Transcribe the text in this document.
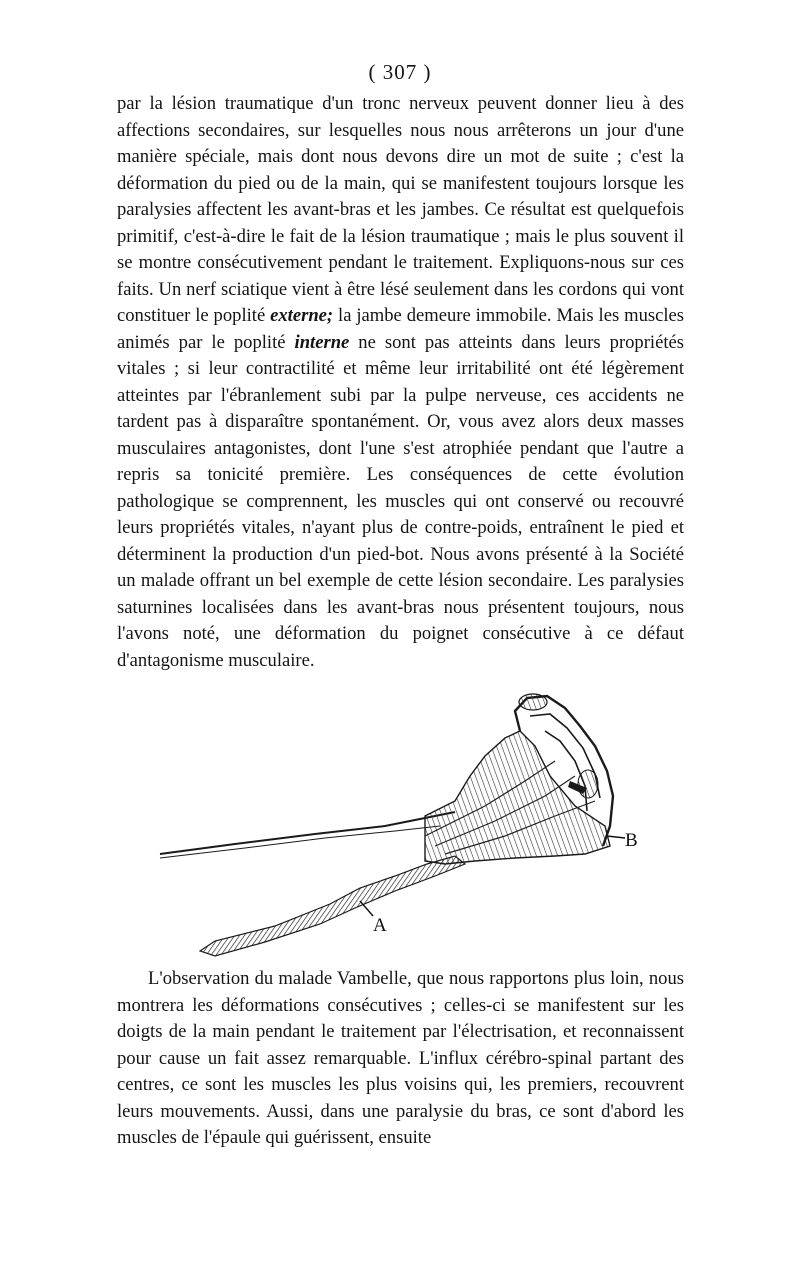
( 307 )

par la lésion traumatique d'un tronc nerveux peuvent donner lieu à des affections secondaires, sur lesquelles nous nous arrêterons un jour d'une manière spéciale, mais dont nous devons dire un mot de suite ; c'est la déformation du pied ou de la main, qui se manifestent toujours lorsque les paralysies affectent les avant-bras et les jambes. Ce résultat est quelquefois primitif, c'est-à-dire le fait de la lésion traumatique ; mais le plus souvent il se montre consécutivement pendant le traitement. Expliquons-nous sur ces faits. Un nerf sciatique vient à être lésé seulement dans les cordons qui vont constituer le poplité externe; la jambe demeure immobile. Mais les muscles animés par le poplité interne ne sont pas atteints dans leurs propriétés vitales ; si leur contractilité et même leur irritabilité ont été légèrement atteintes par l'ébranlement subi par la pulpe nerveuse, ces accidents ne tardent pas à disparaître spontanément. Or, vous avez alors deux masses musculaires antagonistes, dont l'une s'est atrophiée pendant que l'autre a repris sa tonicité première. Les conséquences de cette évolution pathologique se comprennent, les muscles qui ont conservé ou recouvré leurs propriétés vitales, n'ayant plus de contre-poids, entraînent le pied et déterminent la production d'un pied-bot. Nous avons présenté à la Société un malade offrant un bel exemple de cette lésion secondaire. Les paralysies saturnines localisées dans les avant-bras nous présentent toujours, nous l'avons noté, une déformation du poignet consécutive à ce défaut d'antagonisme musculaire.

B
A

L'observation du malade Vambelle, que nous rapportons plus loin, nous montrera les déformations consécutives ; celles-ci se manifestent sur les doigts de la main pendant le traitement par l'électrisation, et reconnaissent pour cause un fait assez remarquable. L'influx cérébro-spinal partant des centres, ce sont les muscles les plus voisins qui, les premiers, recouvrent leurs mouvements. Aussi, dans une paralysie du bras, ce sont d'abord les muscles de l'épaule qui guérissent, ensuite
